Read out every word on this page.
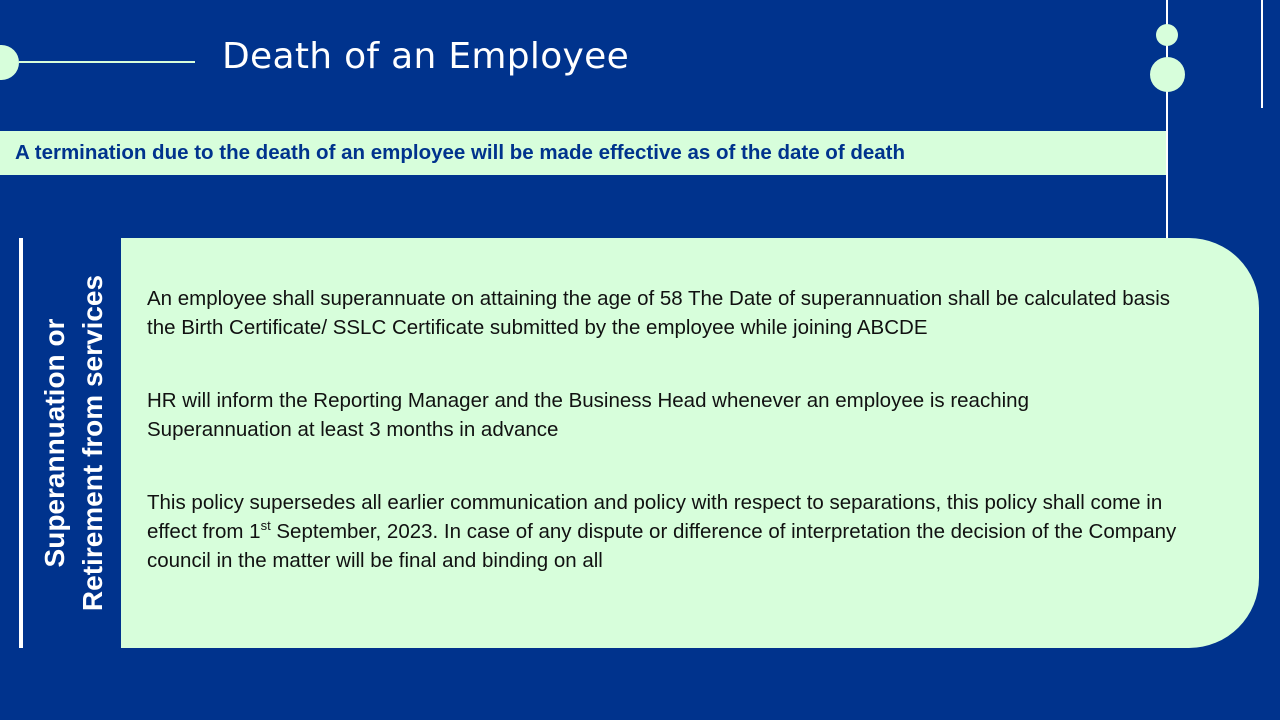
Death of an Employee
A termination due to the death of an employee will be made effective as of the date of death
Superannuation or Retirement from services An employee shall superannuate on attaining the age of 58 The Date of superannuation shall be calculated basis the Birth Certificate/ SSLC Certificate submitted by the employee while joining ABCDE

HR will inform the Reporting Manager and the Business Head whenever an employee is reaching Superannuation at least 3 months in advance

This policy supersedes all earlier communication and policy with respect to separations, this policy shall come in effect from 1st September, 2023. In case of any dispute or difference of interpretation the decision of the Company council in the matter will be final and binding on all
